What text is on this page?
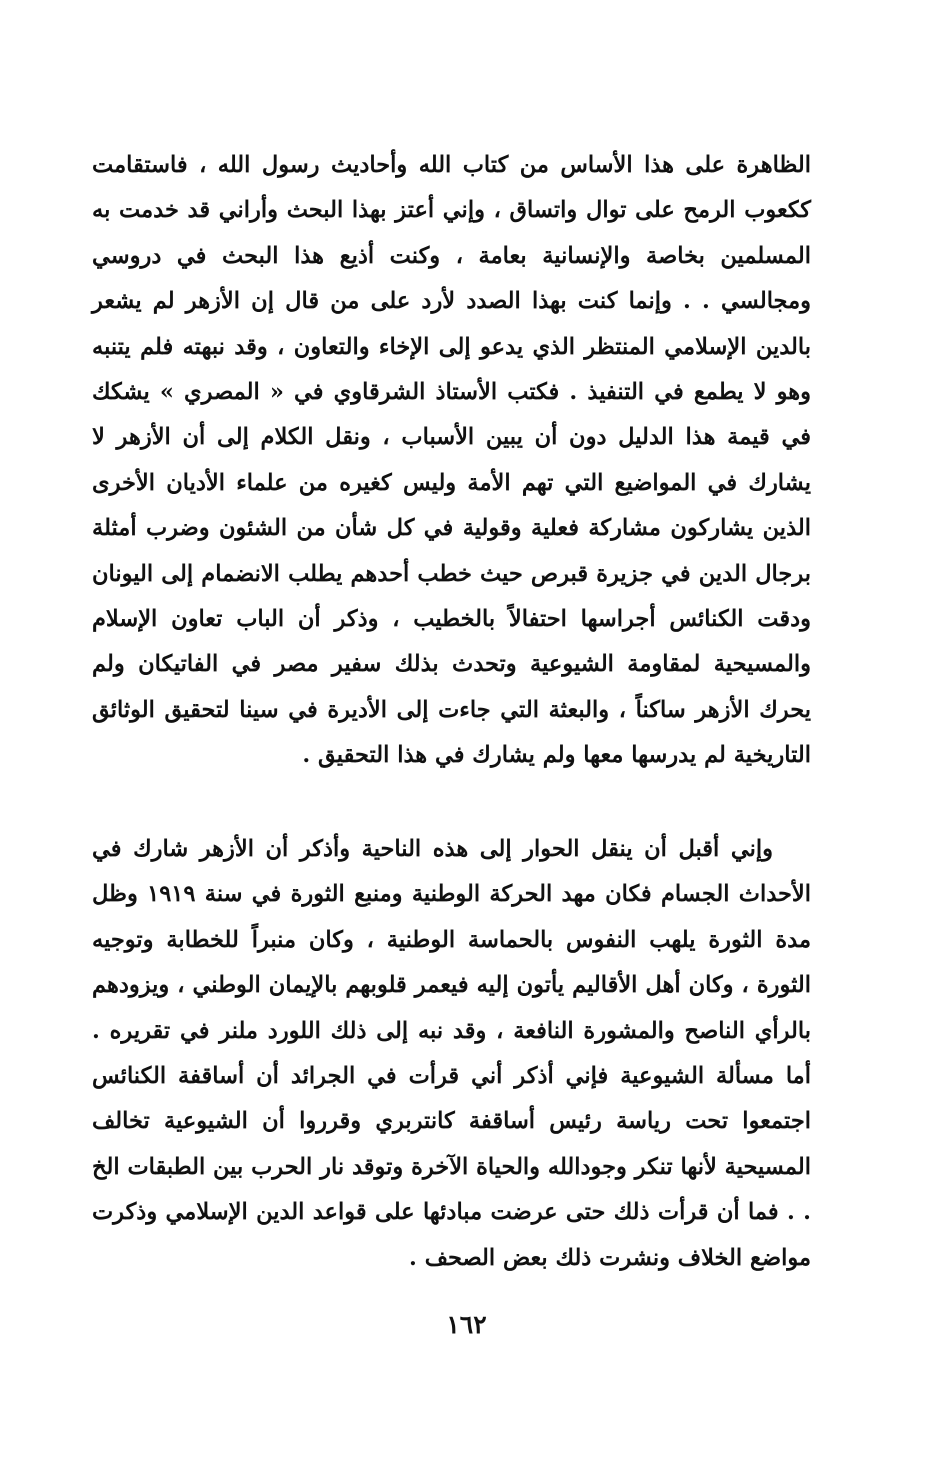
الظاهرة على هذا الأساس من كتاب الله وأحاديث رسول الله ، فاستقامت ككعوب الرمح على توال واتساق ، وإني أعتز بهذا البحث وأراني قد خدمت به المسلمين بخاصة والإنسانية بعامة ، وكنت أذيع هذا البحث في دروسي ومجالسي . . وإنما كنت بهذا الصدد لأرد على من قال إن الأزهر لم يشعر بالدين الإسلامي المنتظر الذي يدعو إلى الإخاء والتعاون ، وقد نبهته فلم يتنبه وهو لا يطمع في التنفيذ . فكتب الأستاذ الشرقاوي في « المصري » يشكك في قيمة هذا الدليل دون أن يبين الأسباب ، ونقل الكلام إلى أن الأزهر لا يشارك في المواضيع التي تهم الأمة وليس كغيره من علماء الأديان الأخرى الذين يشاركون مشاركة فعلية وقولية في كل شأن من الشئون وضرب أمثلة برجال الدين في جزيرة قبرص حيث خطب أحدهم يطلب الانضمام إلى اليونان ودقت الكنائس أجراسها احتفالاً بالخطيب ، وذكر أن الباب تعاون الإسلام والمسيحية لمقاومة الشيوعية وتحدث بذلك سفير مصر في الفاتيكان ولم يحرك الأزهر ساكناً ، والبعثة التي جاءت إلى الأديرة في سينا لتحقيق الوثائق التاريخية لم يدرسها معها ولم يشارك في هذا التحقيق .

وإني أقبل أن ينقل الحوار إلى هذه الناحية وأذكر أن الأزهر شارك في الأحداث الجسام فكان مهد الحركة الوطنية ومنبع الثورة في سنة ١٩١٩ وظل مدة الثورة يلهب النفوس بالحماسة الوطنية ، وكان منبراً للخطابة وتوجيه الثورة ، وكان أهل الأقاليم يأتون إليه فيعمر قلوبهم بالإيمان الوطني ، ويزودهم بالرأي الناصح والمشورة النافعة ، وقد نبه إلى ذلك اللورد ملنر في تقريره . أما مسألة الشيوعية فإني أذكر أني قرأت في الجرائد أن أساقفة الكنائس اجتمعوا تحت رياسة رئيس أساقفة كانتربري وقرروا أن الشيوعية تخالف المسيحية لأنها تنكر وجودالله والحياة الآخرة وتوقد نار الحرب بين الطبقات الخ . . فما أن قرأت ذلك حتى عرضت مبادئها على قواعد الدين الإسلامي وذكرت مواضع الخلاف ونشرت ذلك بعض الصحف .

١٦٢
